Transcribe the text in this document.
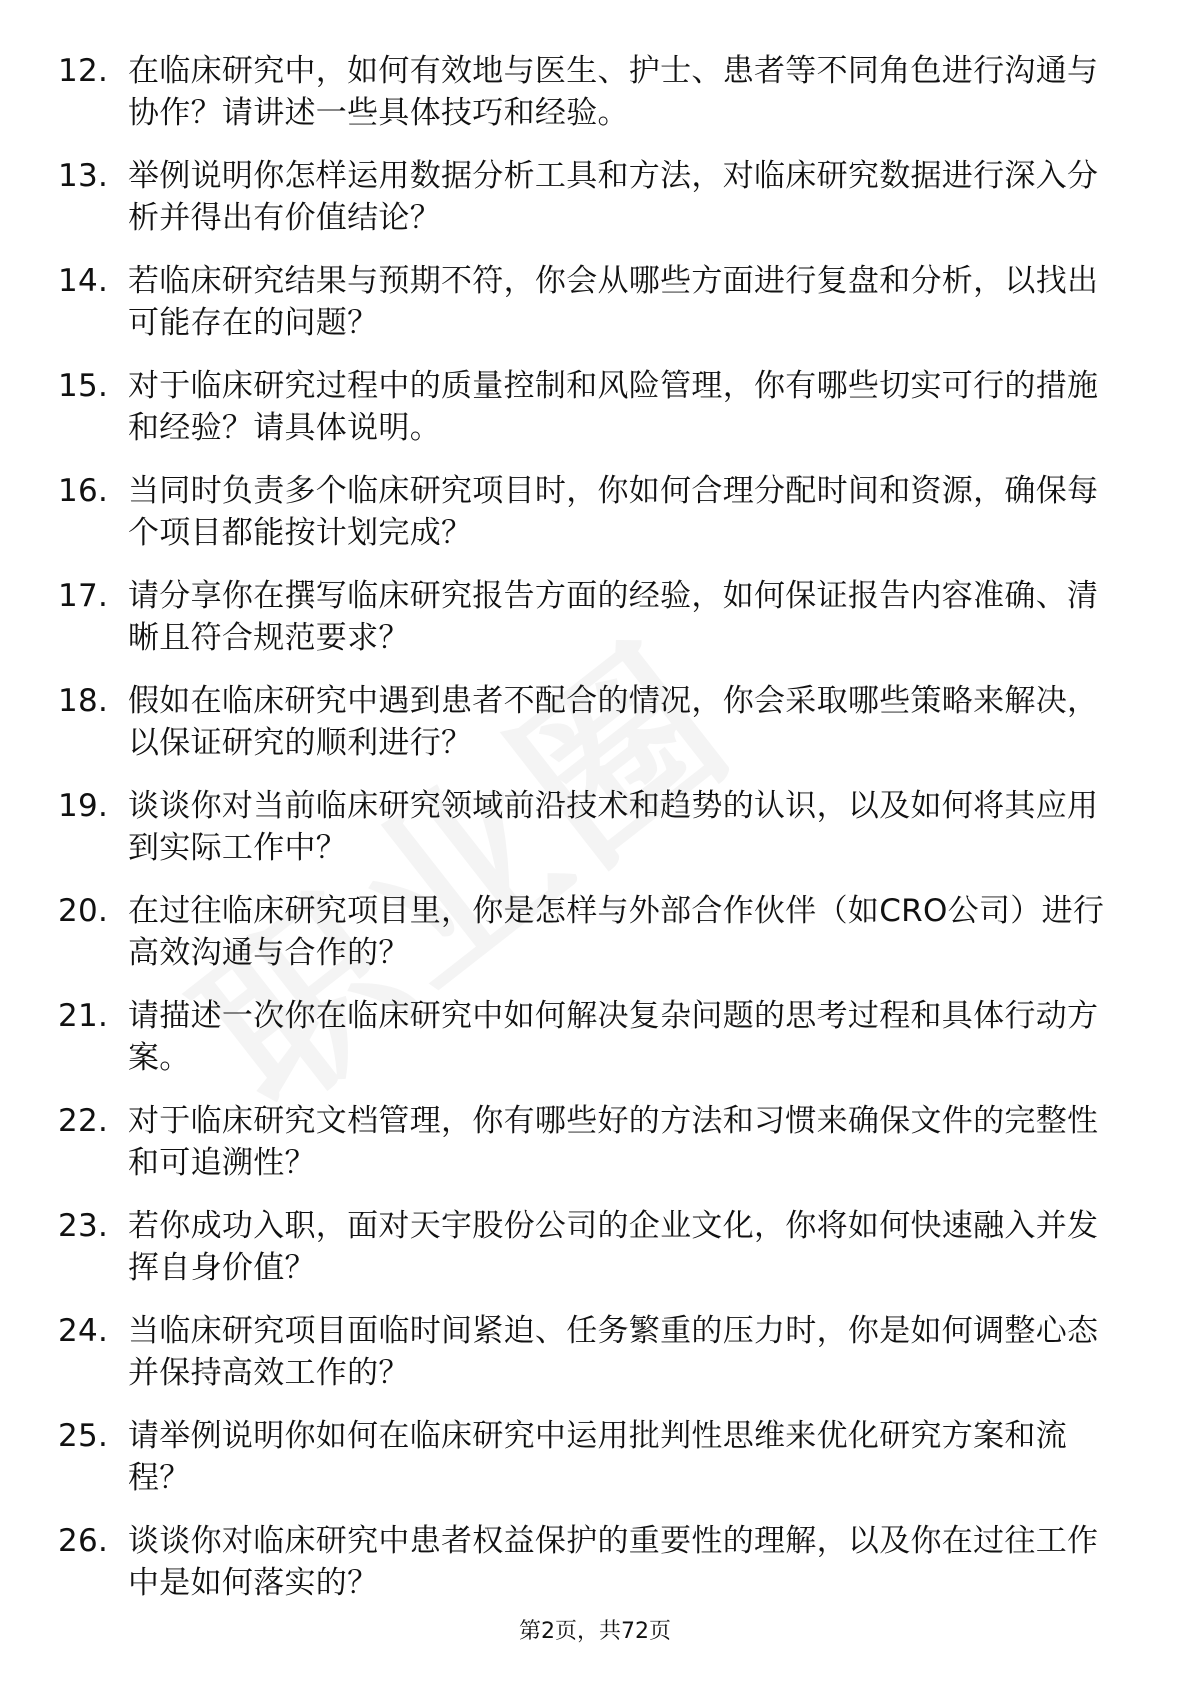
12. 在临床研究中，如何有效地与医生、护士、患者等不同角色进行沟通与协作？请讲述一些具体技巧和经验。
13. 举例说明你怎样运用数据分析工具和方法，对临床研究数据进行深入分析并得出有价值结论？
14. 若临床研究结果与预期不符，你会从哪些方面进行复盘和分析，以找出可能存在的问题？
15. 对于临床研究过程中的质量控制和风险管理，你有哪些切实可行的措施和经验？请具体说明。
16. 当同时负责多个临床研究项目时，你如何合理分配时间和资源，确保每个项目都能按计划完成？
17. 请分享你在撰写临床研究报告方面的经验，如何保证报告内容准确、清晰且符合规范要求？
18. 假如在临床研究中遇到患者不配合的情况，你会采取哪些策略来解决，以保证研究的顺利进行？
19. 谈谈你对当前临床研究领域前沿技术和趋势的认识，以及如何将其应用到实际工作中？
20. 在过往临床研究项目里，你是怎样与外部合作伙伴（如CRO公司）进行高效沟通与合作的？
21. 请描述一次你在临床研究中如何解决复杂问题的思考过程和具体行动方案。
22. 对于临床研究文档管理，你有哪些好的方法和习惯来确保文件的完整性和可追溯性？
23. 若你成功入职，面对天宇股份公司的企业文化，你将如何快速融入并发挥自身价值？
24. 当临床研究项目面临时间紧迫、任务繁重的压力时，你是如何调整心态并保持高效工作的？
25. 请举例说明你如何在临床研究中运用批判性思维来优化研究方案和流程？
26. 谈谈你对临床研究中患者权益保护的重要性的理解，以及你在过往工作中是如何落实的？
第2页，共72页
